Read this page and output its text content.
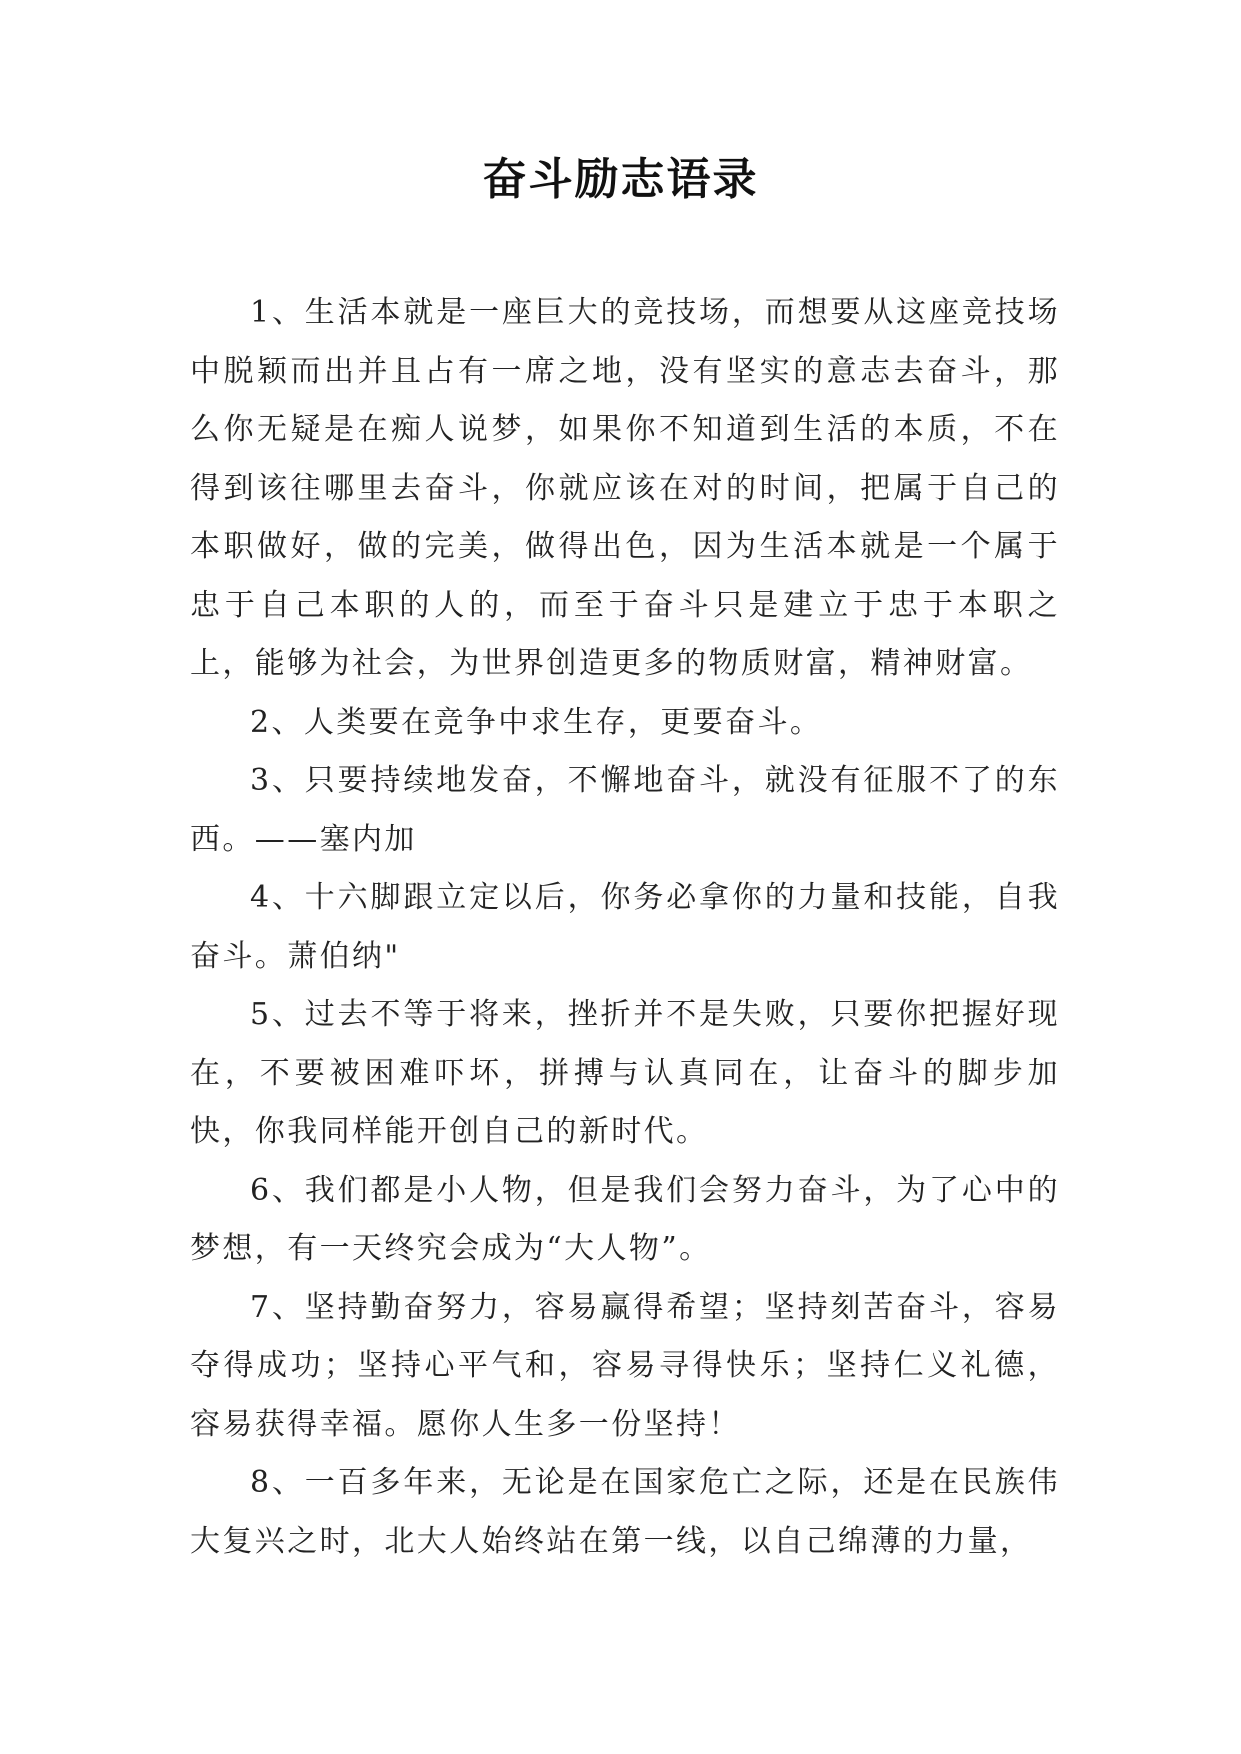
奋斗励志语录

1、生活本就是一座巨大的竞技场，而想要从这座竞技场中脱颖而出并且占有一席之地，没有坚实的意志去奋斗，那么你无疑是在痴人说梦，如果你不知道到生活的本质，不在得到该往哪里去奋斗，你就应该在对的时间，把属于自己的本职做好，做的完美，做得出色，因为生活本就是一个属于忠于自己本职的人的，而至于奋斗只是建立于忠于本职之上，能够为社会，为世界创造更多的物质财富，精神财富。

2、人类要在竞争中求生存，更要奋斗。

3、只要持续地发奋，不懈地奋斗，就没有征服不了的东西。——塞内加

4、十六脚跟立定以后，你务必拿你的力量和技能，自我奋斗。萧伯纳"

5、过去不等于将来，挫折并不是失败，只要你把握好现在，不要被困难吓坏，拼搏与认真同在，让奋斗的脚步加快，你我同样能开创自己的新时代。

6、我们都是小人物，但是我们会努力奋斗，为了心中的梦想，有一天终究会成为“大人物”。

7、坚持勤奋努力，容易赢得希望；坚持刻苦奋斗，容易夺得成功；坚持心平气和，容易寻得快乐；坚持仁义礼德，容易获得幸福。愿你人生多一份坚持！

8、一百多年来，无论是在国家危亡之际，还是在民族伟大复兴之时，北大人始终站在第一线，以自己绵薄的力量，
